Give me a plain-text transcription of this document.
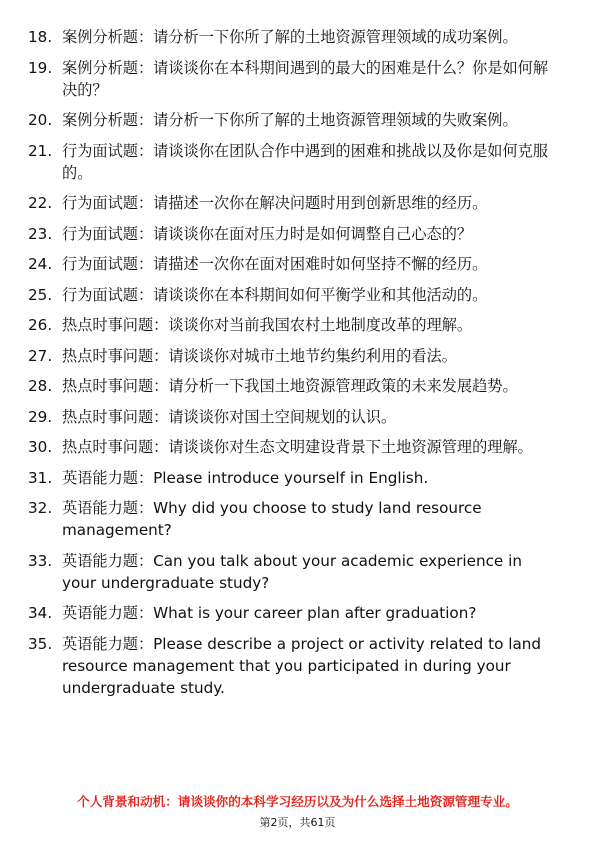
18. 案例分析题：请分析一下你所了解的土地资源管理领域的成功案例。
19. 案例分析题：请谈谈你在本科期间遇到的最大的困难是什么？你是如何解决的？
20. 案例分析题：请分析一下你所了解的土地资源管理领域的失败案例。
21. 行为面试题：请谈谈你在团队合作中遇到的困难和挑战以及你是如何克服的。
22. 行为面试题：请描述一次你在解决问题时用到创新思维的经历。
23. 行为面试题：请谈谈你在面对压力时是如何调整自己心态的？
24. 行为面试题：请描述一次你在面对困难时如何坚持不懈的经历。
25. 行为面试题：请谈谈你在本科期间如何平衡学业和其他活动的。
26. 热点时事问题：谈谈你对当前我国农村土地制度改革的理解。
27. 热点时事问题：请谈谈你对城市土地节约集约利用的看法。
28. 热点时事问题：请分析一下我国土地资源管理政策的未来发展趋势。
29. 热点时事问题：请谈谈你对国土空间规划的认识。
30. 热点时事问题：请谈谈你对生态文明建设背景下土地资源管理的理解。
31. 英语能力题：Please introduce yourself in English.
32. 英语能力题：Why did you choose to study land resource management?
33. 英语能力题：Can you talk about your academic experience in your undergraduate study?
34. 英语能力题：What is your career plan after graduation?
35. 英语能力题：Please describe a project or activity related to land resource management that you participated in during your undergraduate study.
个人背景和动机：请谈谈你的本科学习经历以及为什么选择土地资源管理专业。
第2页，共61页
